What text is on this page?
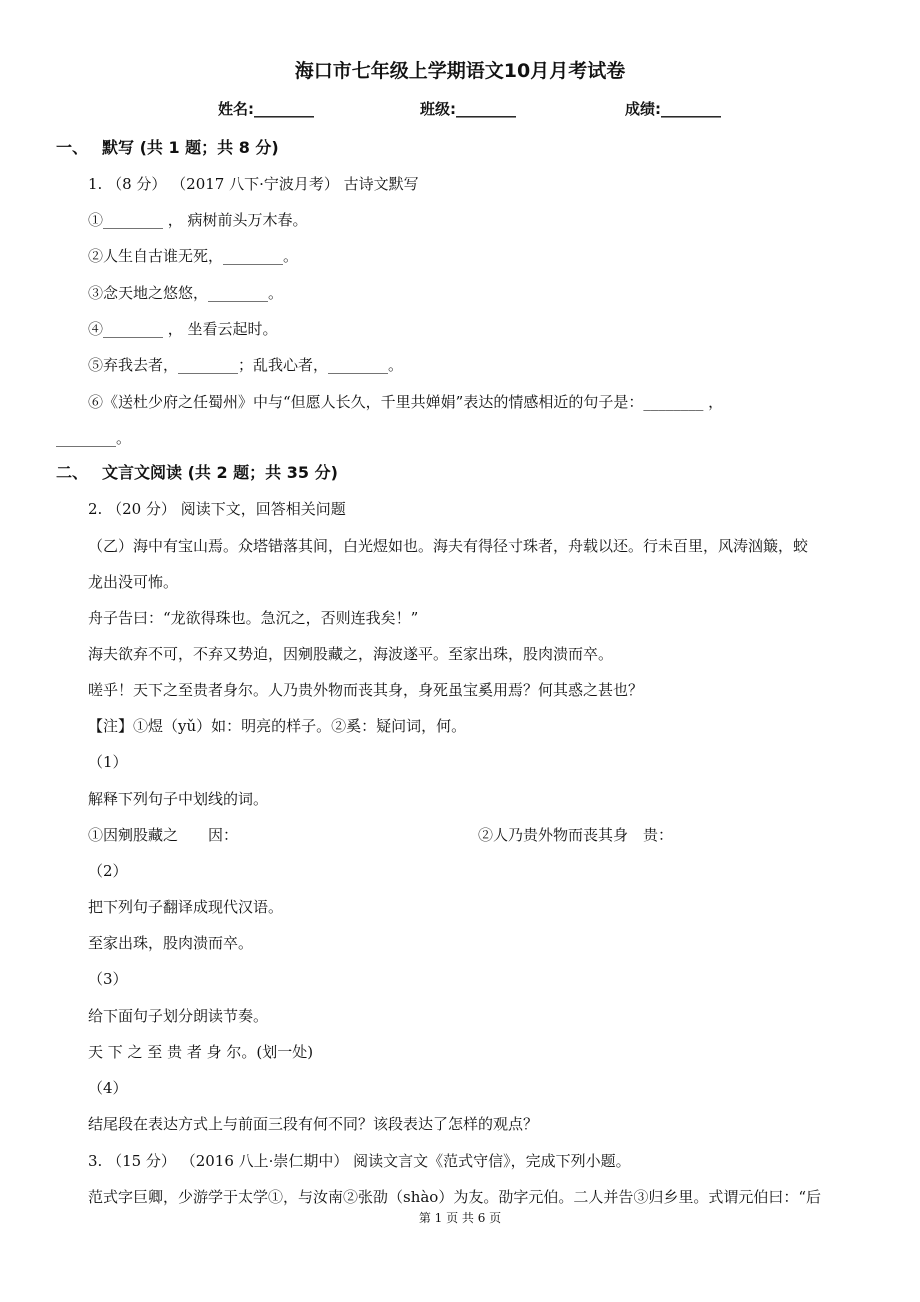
海口市七年级上学期语文10月月考试卷
姓名:________	班级:________	成绩:________
一、 默写 (共 1 题；共 8 分)
1. （8 分） （2017 八下·宁波月考） 古诗文默写
①________ ， 病树前头万木春。
②人生自古谁无死，________。
③念天地之悠悠，________。
④________ ， 坐看云起时。
⑤弃我去者，________；乱我心者，________。
⑥《送杜少府之任蜀州》中与“但愿人长久，千里共婵娟”表达的情感相近的句子是：________ ，
________。
二、 文言文阅读 (共 2 题；共 35 分)
2. （20 分） 阅读下文，回答相关问题
（乙）海中有宝山焉。众塔错落其间，白光煜如也。海夫有得径寸珠者，舟载以还。行未百里，风涛汹簸，蛟
龙出没可怖。
舟子告曰：“龙欲得珠也。急沉之，否则连我矣！”
海夫欲弃不可，不弃又势迫，因剜股藏之，海波遂平。至家出珠，股肉溃而卒。
嗟乎！天下之至贵者身尔。人乃贵外物而丧其身，身死虽宝奚用焉？何其惑之甚也？
【注】①煜（yǔ）如：明亮的样子。②奚：疑问词，何。
（1）
解释下列句子中划线的词。
①因剜股藏之　　因：	②人乃贵外物而丧其身　贵：
（2）
把下列句子翻译成现代汉语。
至家出珠，股肉溃而卒。
（3）
给下面句子划分朗读节奏。
天 下 之 至 贵 者 身 尔。(划一处)
（4）
结尾段在表达方式上与前面三段有何不同？该段表达了怎样的观点？
3. （15 分） （2016 八上·崇仁期中） 阅读文言文《范式守信》，完成下列小题。
范式字巨卿，少游学于太学①，与汝南②张劭（shào）为友。劭字元伯。二人并告③归乡里。式谓元伯曰：“后
第 1 页 共 6 页
